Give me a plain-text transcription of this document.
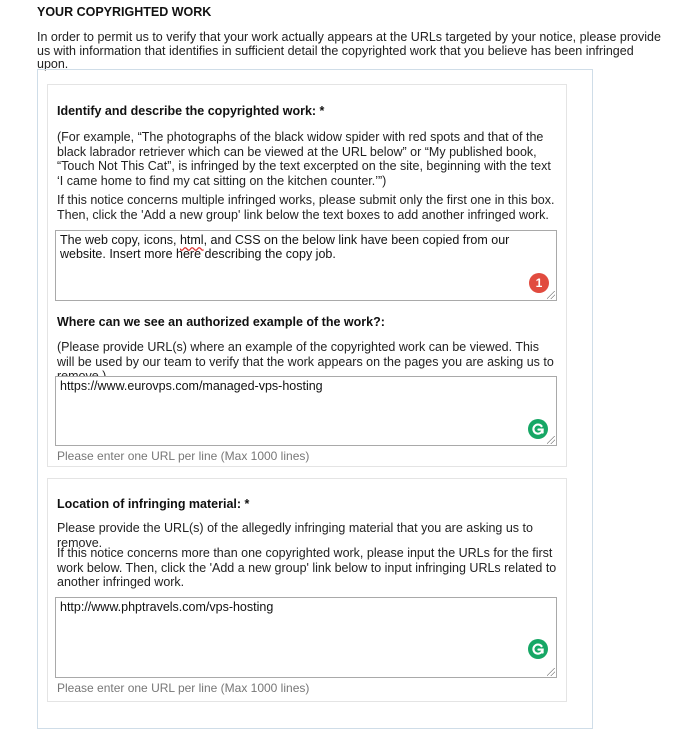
YOUR COPYRIGHTED WORK

In order to permit us to verify that your work actually appears at the URLs targeted by your notice, please provide us with information that identifies in sufficient detail the copyrighted work that you believe has been infringed upon.

Identify and describe the copyrighted work: *

(For example, “The photographs of the black widow spider with red spots and that of the black labrador retriever which can be viewed at the URL below” or “My published book, “Touch Not This Cat”, is infringed by the text excerpted on the site, beginning with the text ‘I came home to find my cat sitting on the kitchen counter.’”)

If this notice concerns multiple infringed works, please submit only the first one in this box. Then, click the 'Add a new group' link below the text boxes to add another infringed work.

The web copy, icons, html, and CSS on the below link have been copied from our website. Insert more here describing the copy job.
1

Where can we see an authorized example of the work?:

(Please provide URL(s) where an example of the copyrighted work can be viewed. This will be used by our team to verify that the work appears on the pages you are asking us to

https://www.eurovps.com/managed-vps-hosting

Please enter one URL per line (Max 1000 lines)

Location of infringing material: *

Please provide the URL(s) of the allegedly infringing material that you are asking us to remove.

If this notice concerns more than one copyrighted work, please input the URLs for the first work below. Then, click the 'Add a new group' link below to input infringing URLs related to another infringed work.

http://www.phptravels.com/vps-hosting

Please enter one URL per line (Max 1000 lines)
